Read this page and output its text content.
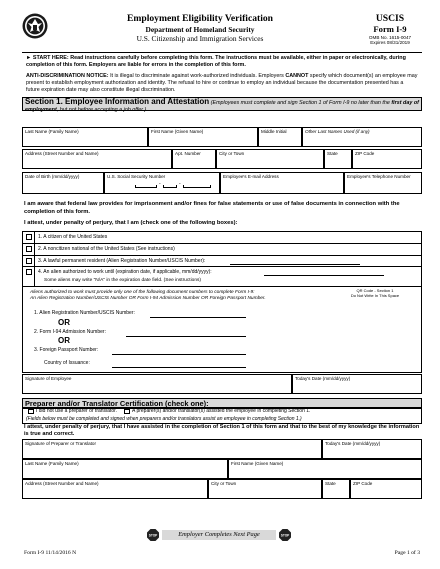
Employment Eligibility Verification
Department of Homeland Security
U.S. Citizenship and Immigration Services
USCIS
Form I-9
OMB No. 1615-0047
Expires 08/31/2019
► START HERE: Read instructions carefully before completing this form. The instructions must be available, either in paper or electronically, during completion of this form. Employers are liable for errors in the completion of this form.
ANTI-DISCRIMINATION NOTICE: It is illegal to discriminate against work-authorized individuals. Employers CANNOT specify which document(s) an employee may present to establish employment authorization and identity. The refusal to hire or continue to employ an individual because the documentation presented has a future expiration date may also constitute illegal discrimination.
Section 1. Employee Information and Attestation (Employees must complete and sign Section 1 of Form I-9 no later than the first day of employment, but not before accepting a job offer.)
Last Name (Family Name)	First Name (Given Name)	Middle Initial	Other Last Names Used (if any)
Address (Street Number and Name)	Apt. Number	City or Town	State	ZIP Code
Date of Birth (mm/dd/yyyy)	U.S. Social Security Number
-	-
Employee's E-mail Address	Employee's Telephone Number
I am aware that federal law provides for imprisonment and/or fines for false statements or use of false documents in connection with the completion of this form.
I attest, under penalty of perjury, that I am (check one of the following boxes):
1. A citizen of the United States
2. A noncitizen national of the United States (See instructions)
3. A lawful permanent resident (Alien Registration Number/USCIS Number):
4. An alien authorized to work until (expiration date, if applicable, mm/dd/yyyy):
Some aliens may write "N/A" in the expiration date field. (See instructions)
Aliens authorized to work must provide only one of the following document numbers to complete Form I-9:
An Alien Registration Number/USCIS Number OR Form I-94 Admission Number OR Foreign Passport Number.
1. Alien Registration Number/USCIS Number:
OR
2. Form I-94 Admission Number:
OR
3. Foreign Passport Number:
Country of Issuance:
QR Code - Section 1
Do Not Write In This Space
Signature of Employee	Today's Date (mm/dd/yyyy)
Preparer and/or Translator Certification (check one):
I did not use a preparer or translator.	A preparer(s) and/or translator(s) assisted the employee in completing Section 1.
(Fields below must be completed and signed when preparers and/or translators assist an employee in completing Section 1.)
I attest, under penalty of perjury, that I have assisted in the completion of Section 1 of this form and that to the best of my knowledge the information is true and correct.
Signature of Preparer or Translator	Today's Date (mm/dd/yyyy)
Last Name (Family Name)	First Name (Given Name)
Address (Street Number and Name)	City or Town	State	ZIP Code
STOP	Employer Completes Next Page	STOP
Form I-9 11/14/2016 N	Page 1 of 3
